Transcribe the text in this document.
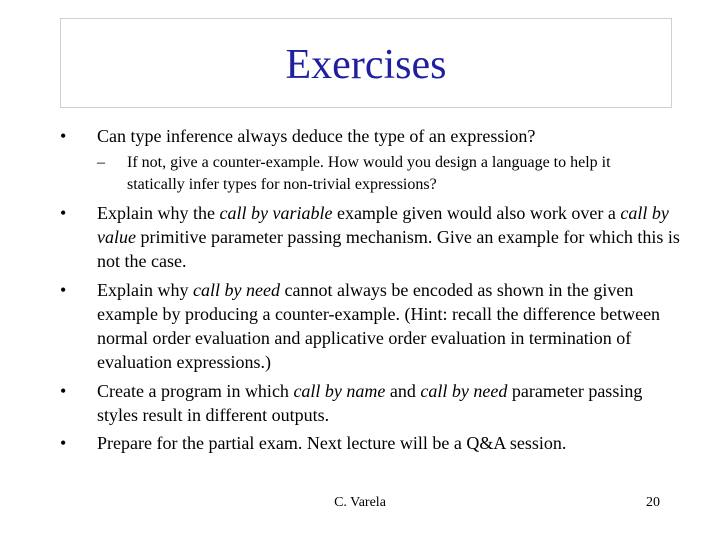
Exercises
• Can type inference always deduce the type of an expression?
– If not, give a counter-example. How would you design a language to help it statically infer types for non-trivial expressions?
• Explain why the call by variable example given would also work over a call by value primitive parameter passing mechanism. Give an example for which this is not the case.
• Explain why call by need cannot always be encoded as shown in the given example by producing a counter-example. (Hint: recall the difference between normal order evaluation and applicative order evaluation in termination of evaluation expressions.)
• Create a program in which call by name and call by need parameter passing styles result in different outputs.
• Prepare for the partial exam. Next lecture will be a Q&A session.
C. Varela	20
